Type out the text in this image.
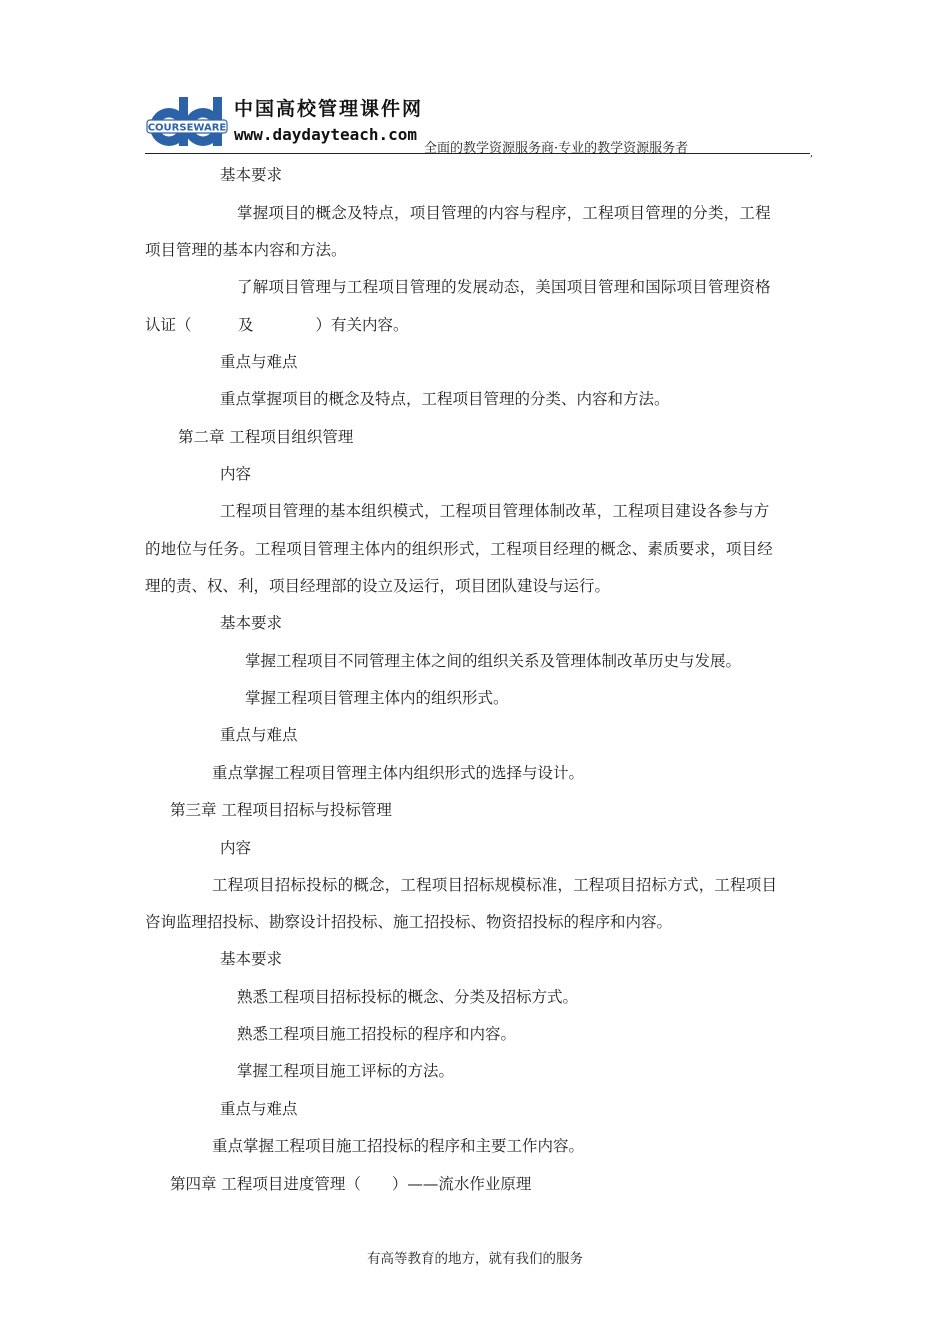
COURSEWARE
中国高校管理课件网
www.daydayteach.com
全面的教学资源服务商·专业的教学资源服务者	,
基本要求
掌握项目的概念及特点，项目管理的内容与程序，工程项目管理的分类，工程
项目管理的基本内容和方法。
了解项目管理与工程项目管理的发展动态，美国项目管理和国际项目管理资格
认证（　　　及　　　　）有关内容。
重点与难点
重点掌握项目的概念及特点，工程项目管理的分类、内容和方法。
第二章 工程项目组织管理
内容
工程项目管理的基本组织模式，工程项目管理体制改革，工程项目建设各参与方
的地位与任务。工程项目管理主体内的组织形式，工程项目经理的概念、素质要求，项目经
理的责、权、利，项目经理部的设立及运行，项目团队建设与运行。
基本要求
掌握工程项目不同管理主体之间的组织关系及管理体制改革历史与发展。
掌握工程项目管理主体内的组织形式。
重点与难点
重点掌握工程项目管理主体内组织形式的选择与设计。
第三章 工程项目招标与投标管理
内容
工程项目招标投标的概念，工程项目招标规模标准，工程项目招标方式，工程项目
咨询监理招投标、勘察设计招投标、施工招投标、物资招投标的程序和内容。
基本要求
熟悉工程项目招标投标的概念、分类及招标方式。
熟悉工程项目施工招投标的程序和内容。
掌握工程项目施工评标的方法。
重点与难点
重点掌握工程项目施工招投标的程序和主要工作内容。
第四章 工程项目进度管理（　　）——流水作业原理
有高等教育的地方，就有我们的服务
